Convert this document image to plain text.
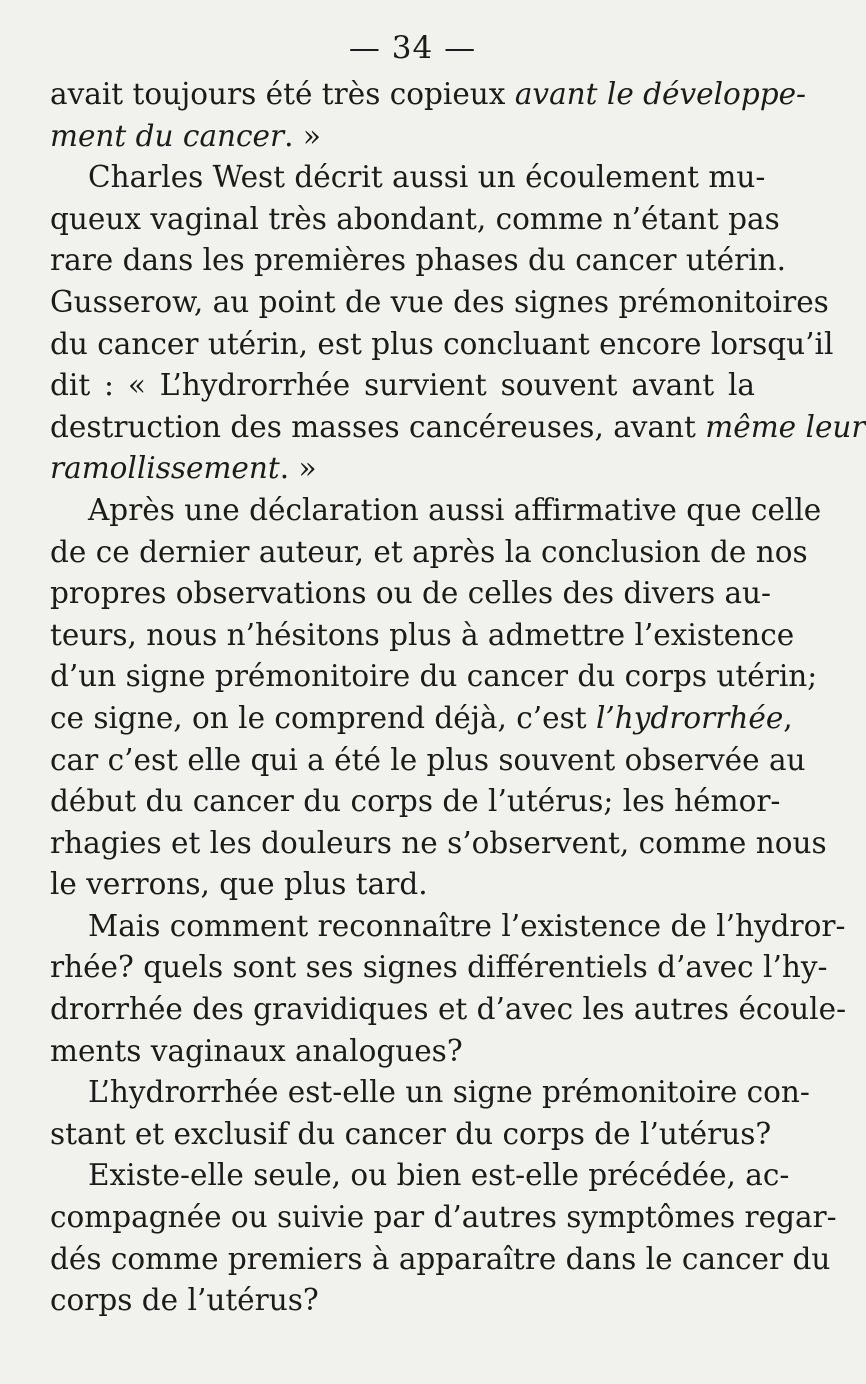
— 34 —
avait toujours été très copieux avant le développe-
ment du cancer. »
Charles West décrit aussi un écoulement mu-
queux vaginal très abondant, comme n’étant pas
rare dans les premières phases du cancer utérin.
Gusserow, au point de vue des signes prémonitoires
du cancer utérin, est plus concluant encore lorsqu’il
dit : « L’hydrorrhée survient souvent avant la
destruction des masses cancéreuses, avant même leur
ramollissement. »
Après une déclaration aussi affirmative que celle
de ce dernier auteur, et après la conclusion de nos
propres observations ou de celles des divers au-
teurs, nous n’hésitons plus à admettre l’existence
d’un signe prémonitoire du cancer du corps utérin;
ce signe, on le comprend déjà, c’est l’hydrorrhée,
car c’est elle qui a été le plus souvent observée au
début du cancer du corps de l’utérus; les hémor-
rhagies et les douleurs ne s’observent, comme nous
le verrons, que plus tard.
Mais comment reconnaître l’existence de l’hydror-
rhée? quels sont ses signes différentiels d’avec l’hy-
drorrhée des gravidiques et d’avec les autres écoule-
ments vaginaux analogues?
L’hydrorrhée est-elle un signe prémonitoire con-
stant et exclusif du cancer du corps de l’utérus?
Existe-elle seule, ou bien est-elle précédée, ac-
compagnée ou suivie par d’autres symptômes regar-
dés comme premiers à apparaître dans le cancer du
corps de l’utérus?
